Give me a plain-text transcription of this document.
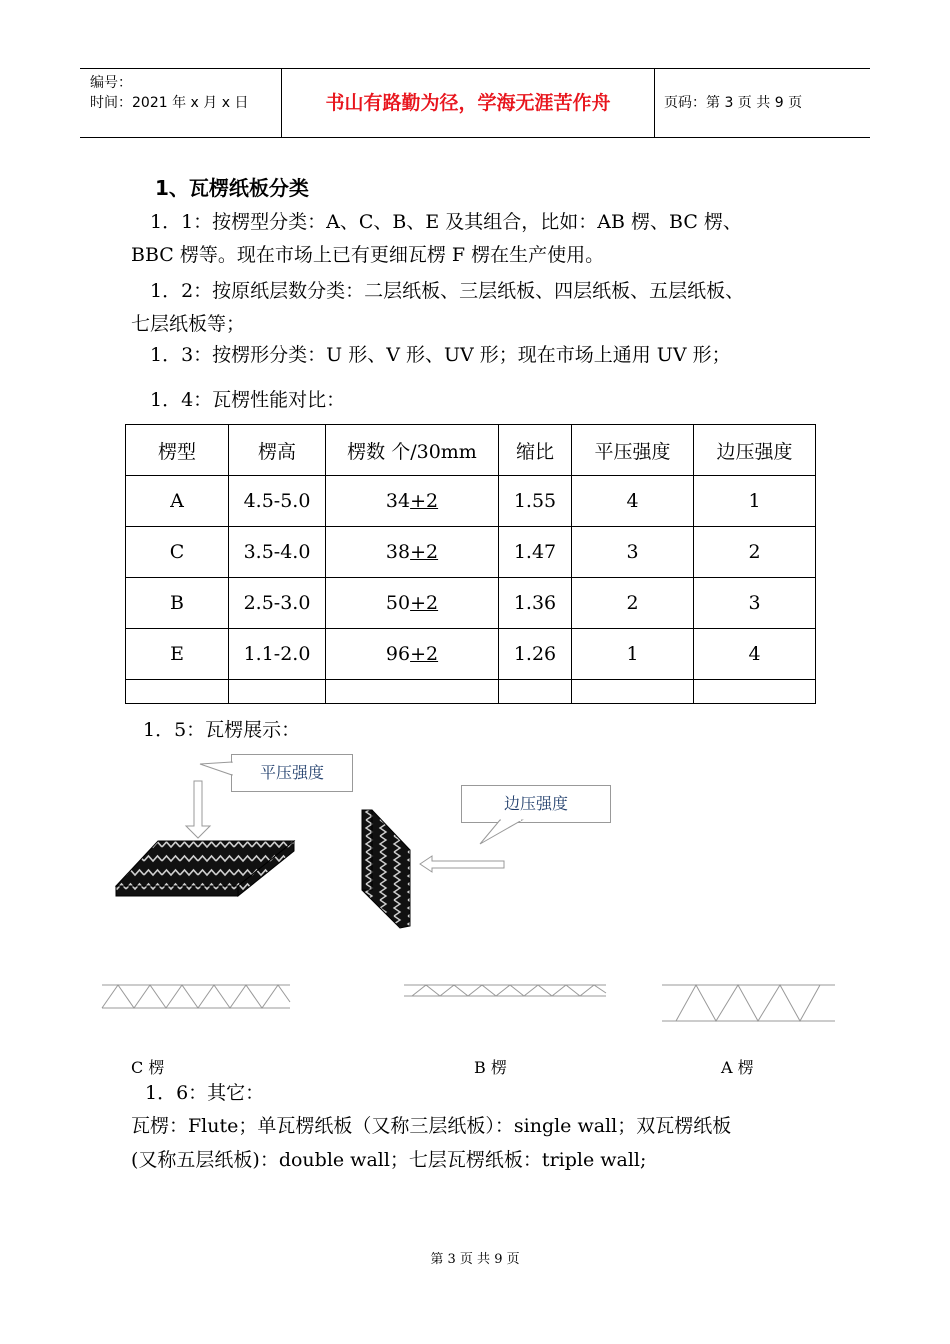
编号：
时间：2021 年 x 月 x 日	书山有路勤为径，学海无涯苦作舟	页码：第 3 页 共 9 页
1、瓦楞纸板分类
1．1：按楞型分类：A、C、B、E 及其组合，比如：AB 楞、BC 楞、
BBC 楞等。现在市场上已有更细瓦楞 F 楞在生产使用。
1．2：按原纸层数分类：二层纸板、三层纸板、四层纸板、五层纸板、
七层纸板等；
1．3：按楞形分类：U 形、V 形、UV 形；现在市场上通用 UV 形；
1．4：瓦楞性能对比：
楞型	楞高	楞数 个/30mm	缩比	平压强度	边压强度
A	4.5-5.0	34+2	1.55	4	1
C	3.5-4.0	38+2	1.47	3	2
B	2.5-3.0	50+2	1.36	2	3
E	1.1-2.0	96+2	1.26	1	4

1．5：瓦楞展示：
平压强度
边压强度
C 楞	B 楞	A 楞
1．6：其它：
瓦楞：Flute；单瓦楞纸板（又称三层纸板）：single wall；双瓦楞纸板
(又称五层纸板)：double wall；七层瓦楞纸板：triple wall;
第 3 页 共 9 页
